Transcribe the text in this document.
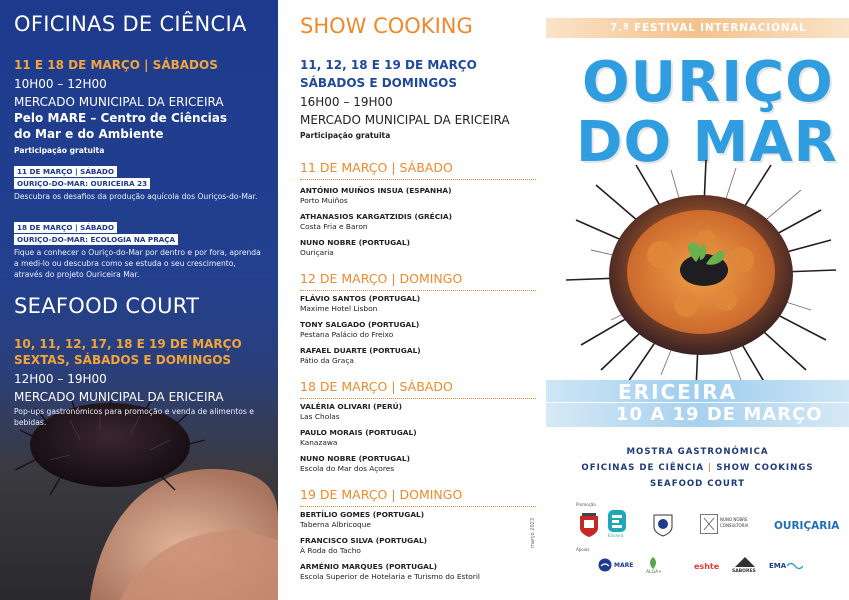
OFICINAS DE CIÊNCIA
11 E 18 DE MARÇO | SÁBADOS
10H00 – 12H00
MERCADO MUNICIPAL DA ERICEIRA
Pelo MARE – Centro de Ciências
do Mar e do Ambiente
Participação gratuita
11 DE MARÇO | SÁBADO
OURIÇO-DO-MAR: OURICEIRA 23
Descubra os desafios da produção aquícola dos Ouriços-do-Mar.
18 DE MARÇO | SÁBADO
OURIÇO-DO-MAR: ECOLOGIA NA PRAÇA
Fique a conhecer o Ouriço-do-Mar por dentro e por fora, aprenda a medi-lo ou descubra como se estuda o seu crescimento, através do projeto Ouriceira Mar.
SEAFOOD COURT
10, 11, 12, 17, 18 E 19 DE MARÇO
SEXTAS, SÁBADOS E DOMINGOS
12H00 – 19H00
MERCADO MUNICIPAL DA ERICEIRA
Pop-ups gastronómicos para promoção e venda de alimentos e bebidas.
SHOW COOKING
11, 12, 18 E 19 DE MARÇO
SÁBADOS E DOMINGOS
16H00 – 19H00
MERCADO MUNICIPAL DA ERICEIRA
Participação gratuita
11 DE MARÇO | SÁBADO
ANTÓNIO MUIÑOS INSUA (ESPANHA)
Porto Muiños
ATHANASIOS KARGATZIDIS (GRÉCIA)
Costa Fria e Baron
NUNO NOBRE (PORTUGAL)
Ouriçaria
12 DE MARÇO | DOMINGO
FLÁVIO SANTOS (PORTUGAL)
Maxime Hotel Lisbon
TONY SALGADO (PORTUGAL)
Pestana Palácio do Freixo
RAFAEL DUARTE (PORTUGAL)
Pátio da Graça
18 DE MARÇO | SÁBADO
VALÉRIA OLIVARI (PERÚ)
Las Cholas
PAULO MORAIS (PORTUGAL)
Kanazawa
NUNO NOBRE (PORTUGAL)
Escola do Mar dos Açores
19 DE MARÇO | DOMINGO
BERTÍLIO GOMES (PORTUGAL)
Taberna Albricoque
FRANCISCO SILVA (PORTUGAL)
À Roda do Tacho
ARMÉNIO MARQUES (PORTUGAL)
Escola Superior de Hotelaria e Turismo do Estoril
março 2023
7.ª FESTIVAL INTERNACIONAL
OURIÇO
DO MAR
ERICEIRA
10 A 19 DE MARÇO
MOSTRA GASTRONÓMICA
OFICINAS DE CIÊNCIA | SHOW COOKINGS
SEAFOOD COURT
Promoção
Ericeira
NUNO NOBRE
CONSULTORIA OURIÇARIA
Apoios
MARE
ALGA+
eshte
SABORES
EMA
